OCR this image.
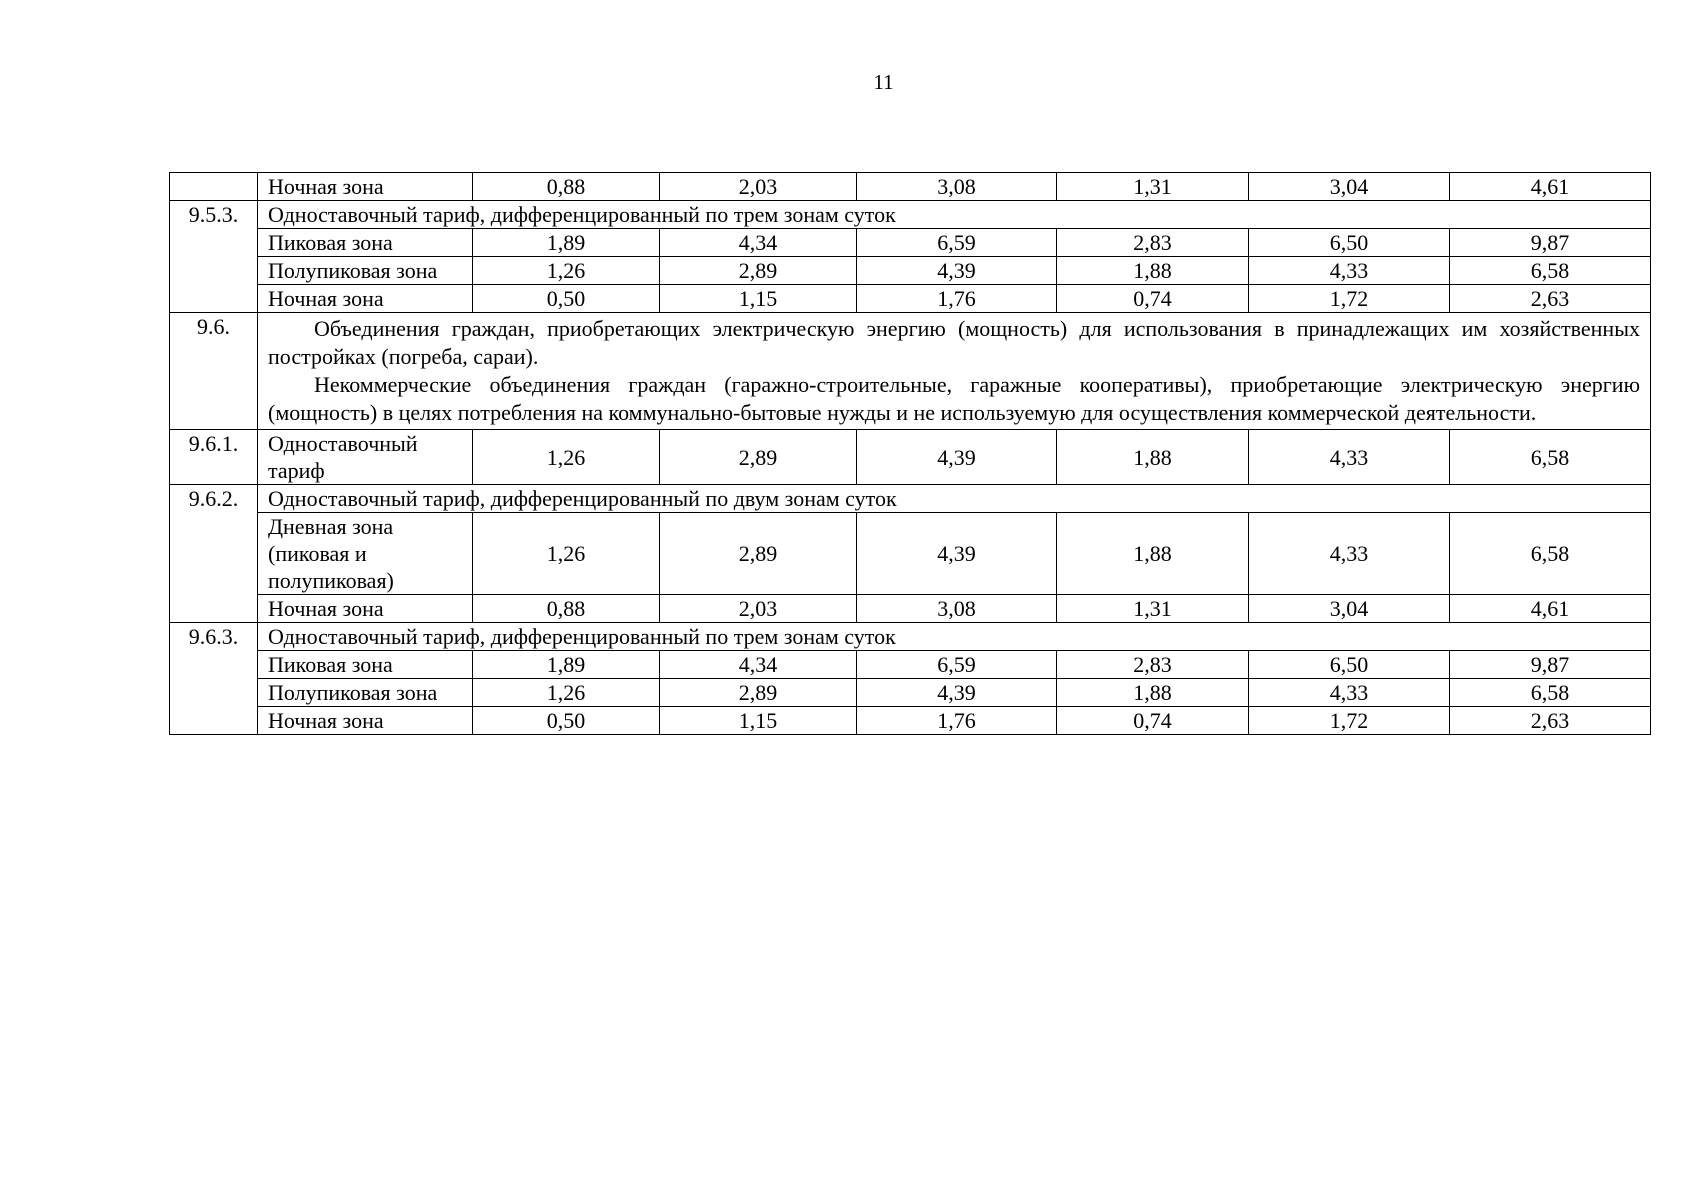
11
	Ночная зона	0,88	2,03	3,08	1,31	3,04	4,61
9.5.3.	Одноставочный тариф, дифференцированный по трем зонам суток						
	Пиковая зона	1,89	4,34	6,59	2,83	6,50	9,87
	Полупиковая зона	1,26	2,89	4,39	1,88	4,33	6,58
	Ночная зона	0,50	1,15	1,76	0,74	1,72	2,63
9.6.	Объединения граждан, приобретающих электрическую энергию (мощность) для использования в принадлежащих им хозяйственных постройках (погреба, сараи).

Некоммерческие объединения граждан (гаражно-строительные, гаражные кооперативы), приобретающие электрическую энергию (мощность) в целях потребления на коммунально-бытовые нужды и не используемую для осуществления коммерческой деятельности.						

9.6.1.	Одноставочный тариф	1,26	2,89	4,39	1,88	4,33	6,58
9.6.2.	Одноставочный тариф, дифференцированный по двум зонам суток						
	Дневная зона (пиковая и полупиковая)	1,26	2,89	4,39	1,88	4,33	6,58
	Ночная зона	0,88	2,03	3,08	1,31	3,04	4,61
9.6.3.	Одноставочный тариф, дифференцированный по трем зонам суток						
	Пиковая зона	1,89	4,34	6,59	2,83	6,50	9,87
	Полупиковая зона	1,26	2,89	4,39	1,88	4,33	6,58
	Ночная зона	0,50	1,15	1,76	0,74	1,72	2,63
